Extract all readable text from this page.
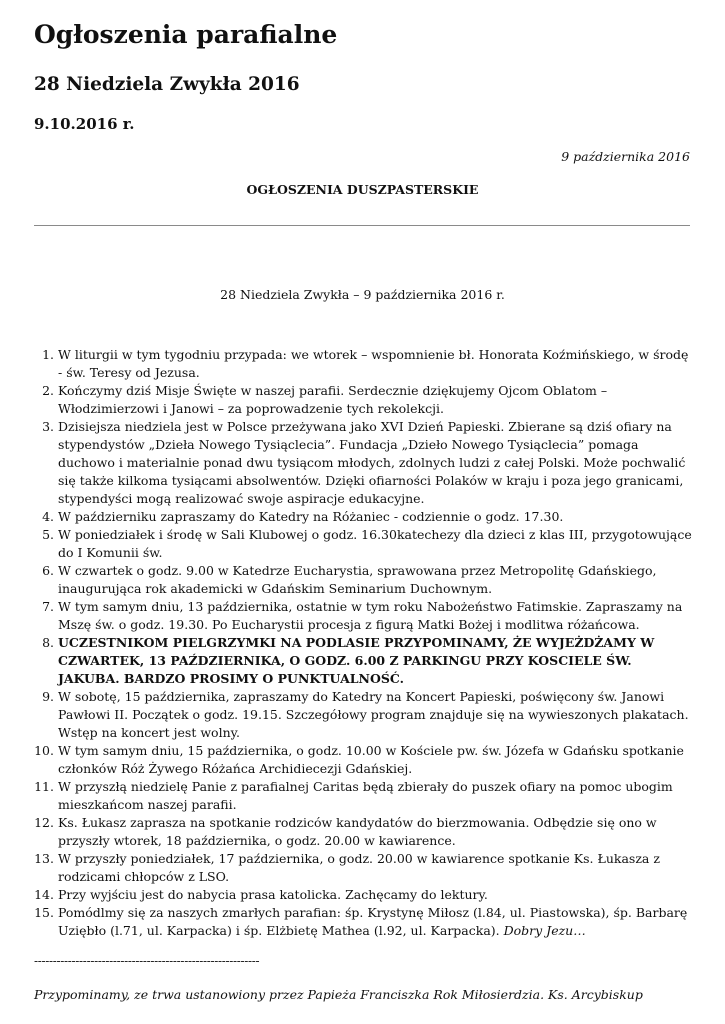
Ogłoszenia parafialne
28 Niedziela Zwykła 2016

9.10.2016 r.

9 października 2016
OGŁOSZENIA DUSZPASTERSKIE
28 Niedziela Zwykła – 9 października 2016 r.
1. W liturgii w tym tygodniu przypada: we wtorek – wspomnienie bł. Honorata Koźmińskiego, w środę - św. Teresy od Jezusa.
2. Kończymy dziś Misje Święte w naszej parafii. Serdecznie dziękujemy Ojcom Oblatom – Włodzimierzowi i Janowi – za poprowadzenie tych rekolekcji.
3. Dzisiejsza niedziela jest w Polsce przeżywana jako XVI Dzień Papieski. Zbierane są dziś ofiary na stypendystów „Dzieła Nowego Tysiąclecia”. Fundacja „Dzieło Nowego Tysiąclecia” pomaga duchowo i materialnie ponad dwu tysiącom młodych, zdolnych ludzi z całej Polski. Może pochwalić się także kilkoma tysiącami absolwentów. Dzięki ofiarności Polaków w kraju i poza jego granicami, stypendyści mogą realizować swoje aspiracje edukacyjne.
4. W październiku zapraszamy do Katedry na Różaniec - codziennie o godz. 17.30.
5. W poniedziałek i środę w Sali Klubowej o godz. 16.30katechezy dla dzieci z klas III, przygotowujące do I Komunii św.
6. W czwartek o godz. 9.00 w Katedrze Eucharystia, sprawowana przez Metropolitę Gdańskiego, inaugurująca rok akademicki w Gdańskim Seminarium Duchownym.
7. W tym samym dniu, 13 października, ostatnie w tym roku Nabożeństwo Fatimskie. Zapraszamy na Mszę św. o godz. 19.30. Po Eucharystii procesja z figurą Matki Bożej i modlitwa różańcowa.
8. UCZESTNIKOM PIELGRZYMKI NA PODLASIE PRZYPOMINAMY, ŻE WYJEŻDŻAMY W CZWARTEK, 13 PAŹDZIERNIKA, O GODZ. 6.00 Z PARKINGU PRZY KOSCIELE ŚW. JAKUBA. BARDZO PROSIMY O PUNKTUALNOŚĆ.
9. W sobotę, 15 października, zapraszamy do Katedry na Koncert Papieski, poświęcony św. Janowi Pawłowi II. Początek o godz. 19.15. Szczegółowy program znajduje się na wywieszonych plakatach. Wstęp na koncert jest wolny.
10. W tym samym dniu, 15 października, o godz. 10.00 w Kościele pw. św. Józefa w Gdańsku spotkanie członków Róż Żywego Różańca Archidiecezji Gdańskiej.
11. W przyszłą niedzielę Panie z parafialnej Caritas będą zbierały do puszek ofiary na pomoc ubogim mieszkańcom naszej parafii.
12. Ks. Łukasz zaprasza na spotkanie rodziców kandydatów do bierzmowania. Odbędzie się ono w przyszły wtorek, 18 października, o godz. 20.00 w kawiarence.
13. W przyszły poniedziałek, 17 października, o godz. 20.00 w kawiarence spotkanie Ks. Łukasza z rodzicami chłopców z LSO.
14. Przy wyjściu jest do nabycia prasa katolicka. Zachęcamy do lektury.
15. Pomódlmy się za naszych zmarłych parafian: śp. Krystynę Miłosz (l.84, ul. Piastowska), śp. Barbarę Uziębło (l.71, ul. Karpacka) i śp. Elżbietę Mathea (l.92, ul. Karpacka). Dobry Jezu…
------------------------------------------------------------
Przypominamy, ze trwa ustanowiony przez Papieża Franciszka Rok Miłosierdzia. Ks. Arcybiskup
